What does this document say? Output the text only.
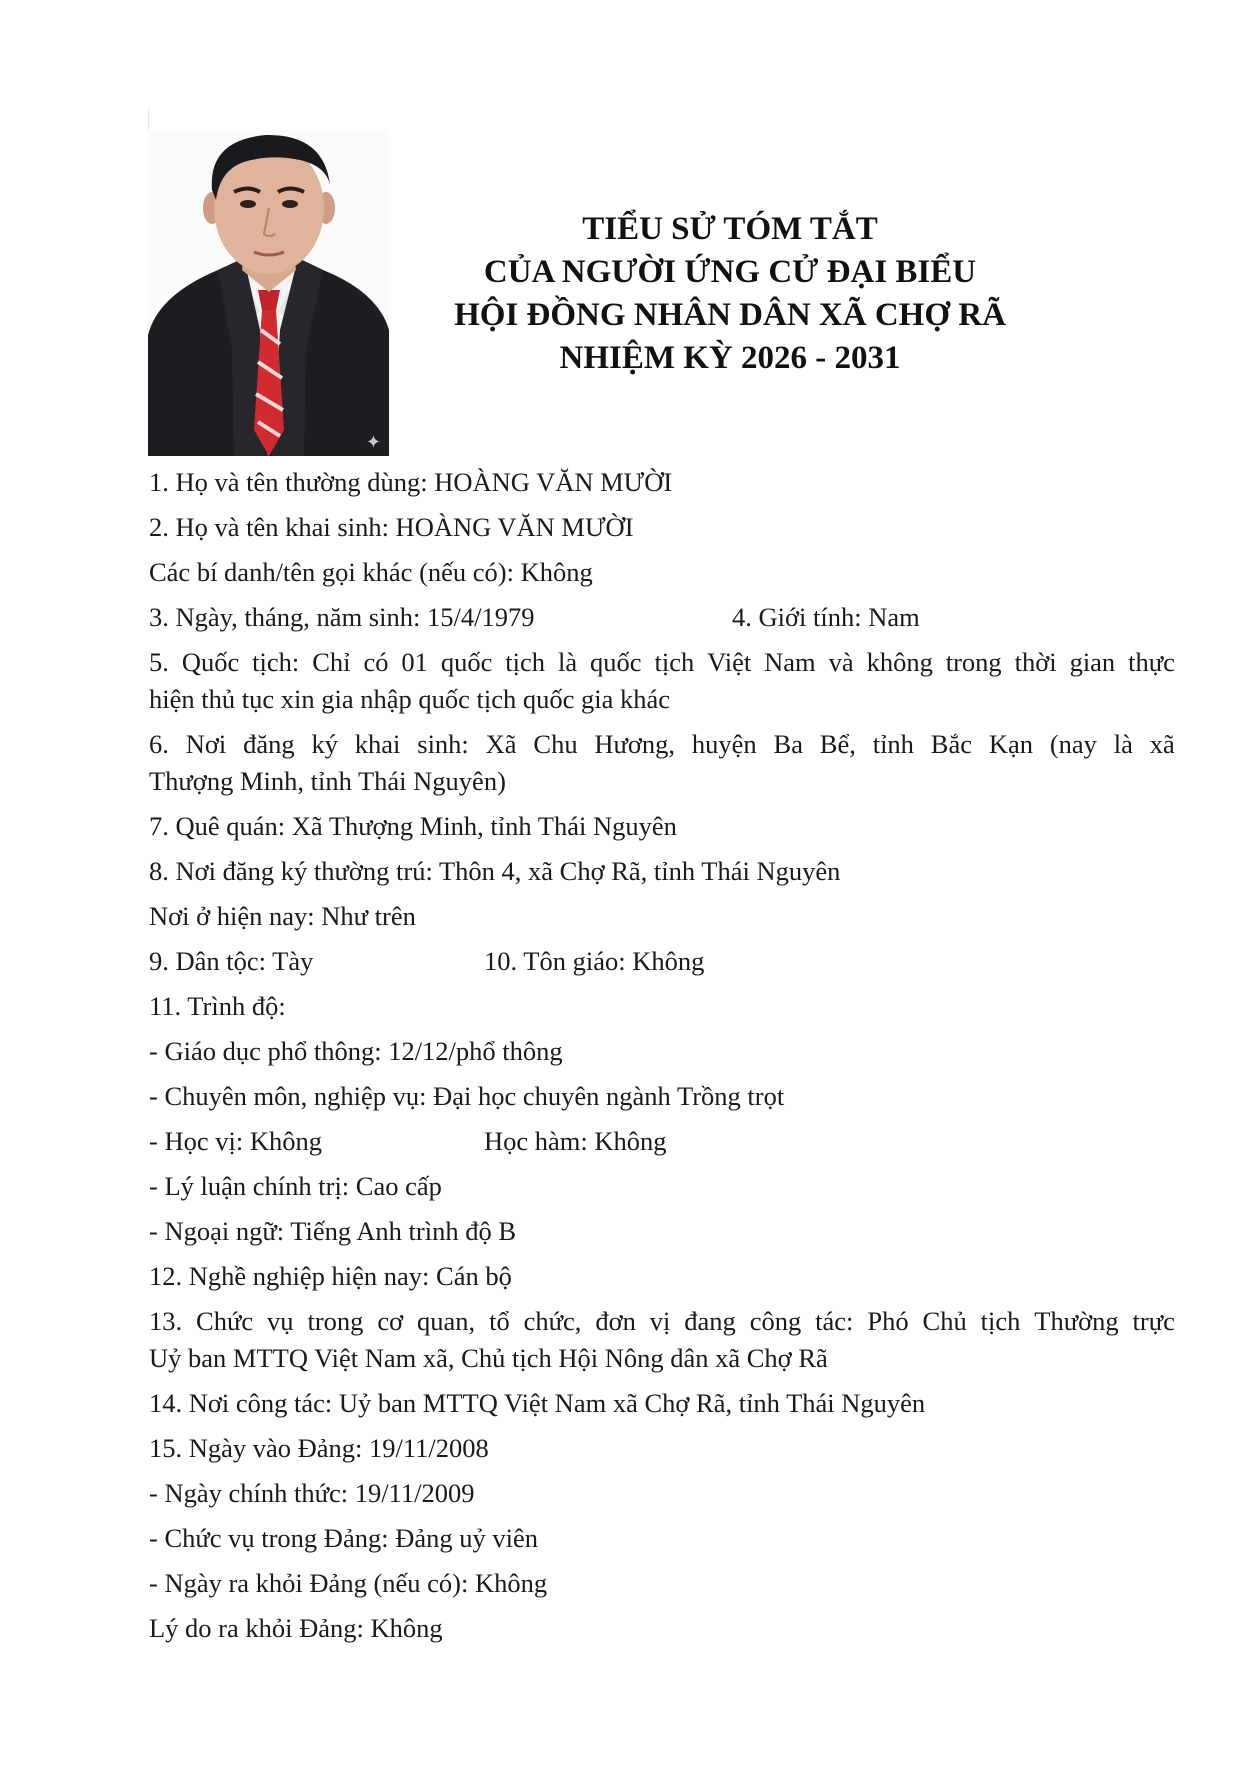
✦
TIỂU SỬ TÓM TẮT
CỦA NGƯỜI ỨNG CỬ ĐẠI BIỂU
HỘI ĐỒNG NHÂN DÂN XÃ CHỢ RÃ
NHIỆM KỲ 2026 - 2031
1. Họ và tên thường dùng: HOÀNG VĂN MƯỜI
2. Họ và tên khai sinh: HOÀNG VĂN MƯỜI
Các bí danh/tên gọi khác (nếu có): Không
3. Ngày, tháng, năm sinh: 15/4/1979	4. Giới tính: Nam
5. Quốc tịch: Chỉ có 01 quốc tịch là quốc tịch Việt Nam và không trong thời gian thực
hiện thủ tục xin gia nhập quốc tịch quốc gia khác
6. Nơi đăng ký khai sinh: Xã Chu Hương, huyện Ba Bể, tỉnh Bắc Kạn (nay là xã
Thượng Minh, tỉnh Thái Nguyên)
7. Quê quán: Xã Thượng Minh, tỉnh Thái Nguyên
8. Nơi đăng ký thường trú: Thôn 4, xã Chợ Rã, tỉnh Thái Nguyên
Nơi ở hiện nay: Như trên
9. Dân tộc: Tày	10. Tôn giáo: Không
11. Trình độ:
- Giáo dục phổ thông: 12/12/phổ thông
- Chuyên môn, nghiệp vụ: Đại học chuyên ngành Trồng trọt
- Học vị: Không	Học hàm: Không
- Lý luận chính trị: Cao cấp
- Ngoại ngữ: Tiếng Anh trình độ B
12. Nghề nghiệp hiện nay: Cán bộ
13. Chức vụ trong cơ quan, tổ chức, đơn vị đang công tác: Phó Chủ tịch Thường trực
Uỷ ban MTTQ Việt Nam xã, Chủ tịch Hội Nông dân xã Chợ Rã
14. Nơi công tác: Uỷ ban MTTQ Việt Nam xã Chợ Rã, tỉnh Thái Nguyên
15. Ngày vào Đảng: 19/11/2008
- Ngày chính thức: 19/11/2009
- Chức vụ trong Đảng: Đảng uỷ viên
- Ngày ra khỏi Đảng (nếu có): Không
Lý do ra khỏi Đảng: Không
